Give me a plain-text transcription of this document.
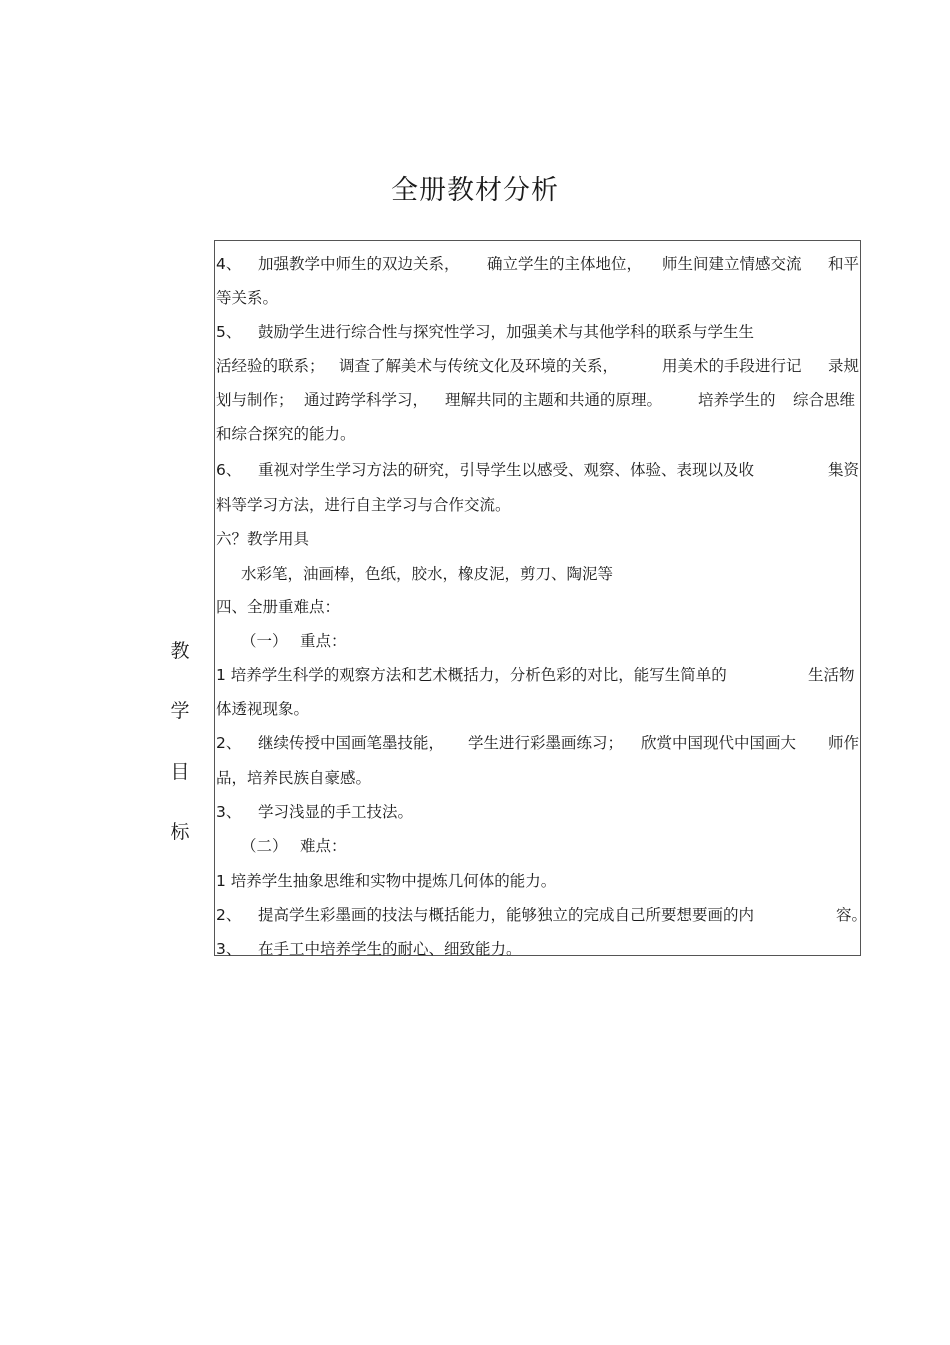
全册教材分析
教
学
目
标
4、 加强教学中师生的双边关系， 确立学生的主体地位， 师生间建立情感交流 和平
等关系。
5、 鼓励学生进行综合性与探究性学习，加强美术与其他学科的联系与学生生
活经验的联系； 调查了解美术与传统文化及环境的关系，	用美术的手段进行记 录规
划与制作； 通过跨学科学习， 理解共同的主题和共通的原理。 培养学生的 综合思维
和综合探究的能力。
6、 重视对学生学习方法的研究，引导学生以感受、观察、体验、表现以及收	集资
料等学习方法，进行自主学习与合作交流。
六？教学用具
水彩笔，油画棒，色纸，胶水，橡皮泥，剪刀、陶泥等
四、全册重难点：
（一） 重点：
1 培养学生科学的观察方法和艺术概括力，分析色彩的对比，能写生简单的	生活物
体透视现象。
2、 继续传授中国画笔墨技能， 学生进行彩墨画练习； 欣赏中国现代中国画大 师作
品，培养民族自豪感。
3、 学习浅显的手工技法。
（二） 难点：
1 培养学生抽象思维和实物中提炼几何体的能力。
2、 提高学生彩墨画的技法与概括能力，能够独立的完成自己所要想要画的内	容。
3、 在手工中培养学生的耐心、细致能力。
